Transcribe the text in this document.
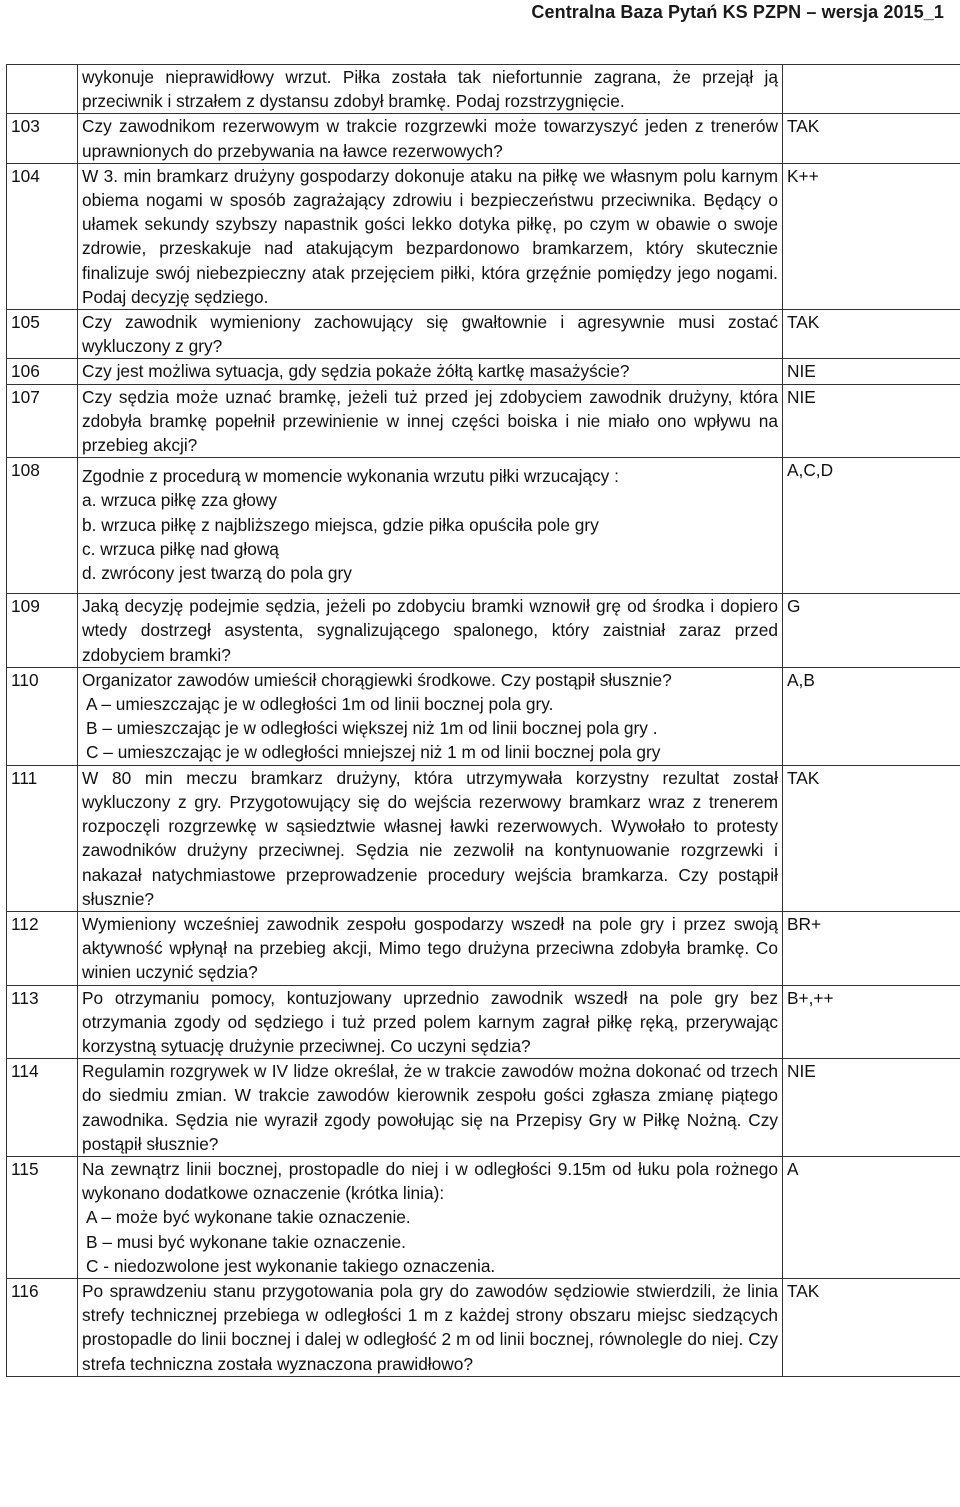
Centralna Baza Pytań KS PZPN – wersja 2015_1
	wykonuje nieprawidłowy wrzut. Piłka została tak niefortunnie zagrana, że przejął ją przeciwnik i strzałem z dystansu zdobył bramkę. Podaj rozstrzygnięcie.	
103	Czy zawodnikom rezerwowym w trakcie rozgrzewki może towarzyszyć jeden z trenerów uprawnionych do przebywania na ławce rezerwowych?	TAK
104	W 3. min bramkarz drużyny gospodarzy dokonuje ataku na piłkę we własnym polu karnym obiema nogami w sposób zagrażający zdrowiu i bezpieczeństwu przeciwnika. Będący o ułamek sekundy szybszy napastnik gości lekko dotyka piłkę, po czym w obawie o swoje zdrowie, przeskakuje nad atakującym bezpardonowo bramkarzem, który skutecznie finalizuje swój niebezpieczny atak przejęciem piłki, która grzęźnie pomiędzy jego nogami. Podaj decyzję sędziego.	K++
105	Czy zawodnik wymieniony zachowujący się gwałtownie i agresywnie musi zostać wykluczony z gry?	TAK
106	Czy jest możliwa sytuacja, gdy sędzia pokaże żółtą kartkę masażyście?	NIE
107	Czy sędzia może uznać bramkę, jeżeli tuż przed jej zdobyciem zawodnik drużyny, która zdobyła bramkę popełnił przewinienie w innej części boiska i nie miało ono wpływu na przebieg akcji?	NIE
108	Zgodnie z procedurą w momencie wykonania wrzutu piłki wrzucający :
a. wrzuca piłkę zza głowy
b. wrzuca piłkę z najbliższego miejsca, gdzie piłka opuściła pole gry
c. wrzuca piłkę nad głową
d. zwrócony jest twarzą do pola gry	A,C,D
109	Jaką decyzję podejmie sędzia, jeżeli po zdobyciu bramki wznowił grę od środka i dopiero wtedy dostrzegł asystenta, sygnalizującego spalonego, który zaistniał zaraz przed zdobyciem bramki?	G
110	Organizator zawodów umieścił chorągiewki środkowe. Czy postąpił słusznie?
A – umieszczając je w odległości 1m od linii bocznej pola gry.
B – umieszczając je w odległości większej niż 1m od linii bocznej pola gry .
C – umieszczając je w odległości mniejszej niż 1 m od linii bocznej pola gry	A,B
111	W 80 min meczu bramkarz drużyny, która utrzymywała korzystny rezultat został wykluczony z gry. Przygotowujący się do wejścia rezerwowy bramkarz wraz z trenerem rozpoczęli rozgrzewkę w sąsiedztwie własnej ławki rezerwowych. Wywołało to protesty zawodników drużyny przeciwnej. Sędzia nie zezwolił na kontynuowanie rozgrzewki i nakazał natychmiastowe przeprowadzenie procedury wejścia bramkarza. Czy postąpił słusznie?	TAK
112	Wymieniony wcześniej zawodnik zespołu gospodarzy wszedł na pole gry i przez swoją aktywność wpłynął na przebieg akcji, Mimo tego drużyna przeciwna zdobyła bramkę. Co winien uczynić sędzia?	BR+
113	Po otrzymaniu pomocy, kontuzjowany uprzednio zawodnik wszedł na pole gry bez otrzymania zgody od sędziego i tuż przed polem karnym zagrał piłkę ręką, przerywając korzystną sytuację drużynie przeciwnej. Co uczyni sędzia?	B+,++
114	Regulamin rozgrywek w IV lidze określał, że w trakcie zawodów można dokonać od trzech do siedmiu zmian. W trakcie zawodów kierownik zespołu gości zgłasza zmianę piątego zawodnika. Sędzia nie wyraził zgody powołując się na Przepisy Gry w Piłkę Nożną. Czy postąpił słusznie?	NIE
115	Na zewnątrz linii bocznej, prostopadle do niej i w odległości 9.15m od łuku pola rożnego wykonano dodatkowe oznaczenie (krótka linia):
A – może być wykonane takie oznaczenie.
B – musi być wykonane takie oznaczenie.
C - niedozwolone jest wykonanie takiego oznaczenia.	A
116	Po sprawdzeniu stanu przygotowania pola gry do zawodów sędziowie stwierdzili, że linia strefy technicznej przebiega w odległości 1 m z każdej strony obszaru miejsc siedzących prostopadle do linii bocznej i dalej w odległość 2 m od linii bocznej, równolegle do niej. Czy strefa techniczna została wyznaczona prawidłowo?	TAK
